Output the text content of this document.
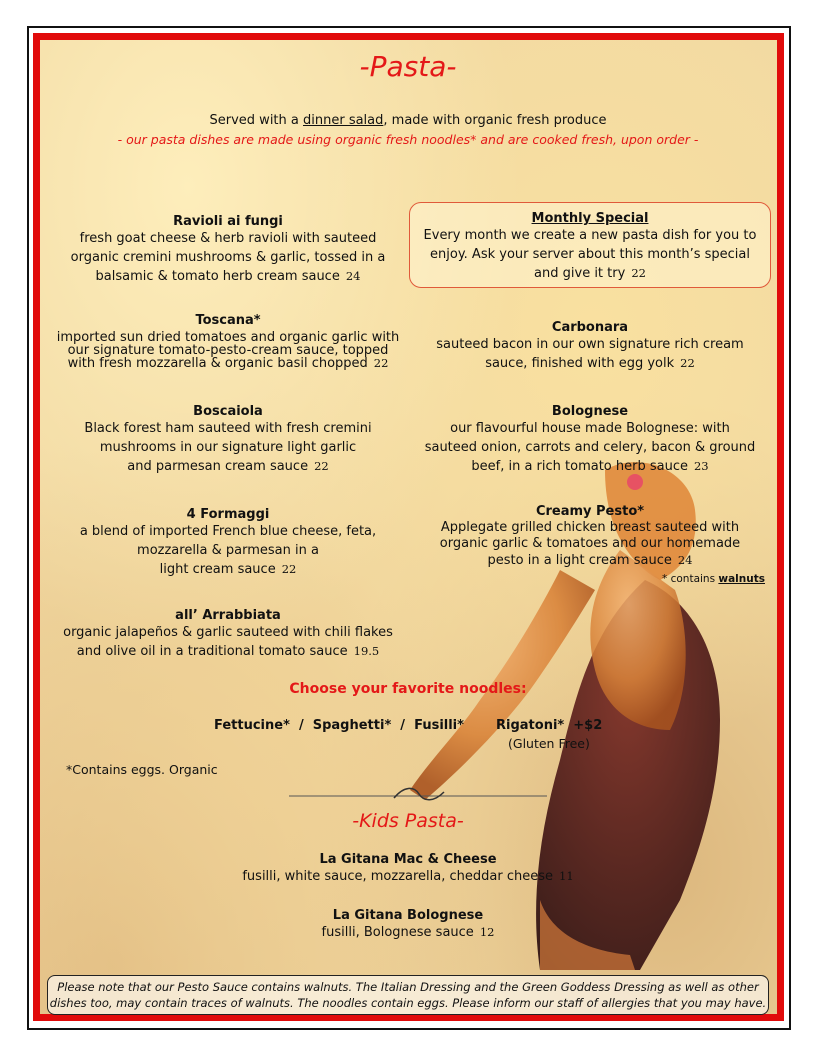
-Pasta-
Served with a dinner salad, made with organic fresh produce
- our pasta dishes are made using organic fresh noodles* and are cooked fresh, upon order -
Ravioli ai fungi
fresh goat cheese & herb ravioli with sauteed
organic cremini mushrooms & garlic, tossed in a
balsamic & tomato herb cream sauce 24
Monthly Special
Every month we create a new pasta dish for you to
enjoy. Ask your server about this month’s special
and give it try 22
Toscana*
imported sun dried tomatoes and organic garlic with
our signature tomato-pesto-cream sauce, topped
with fresh mozzarella & organic basil chopped 22
Carbonara
sauteed bacon in our own signature rich cream
sauce, finished with egg yolk 22
Boscaiola
Black forest ham sauteed with fresh cremini
mushrooms in our signature light garlic
and parmesan cream sauce 22
Bolognese
our flavourful house made Bolognese: with
sauteed onion, carrots and celery, bacon & ground
beef, in a rich tomato herb sauce 23
4 Formaggi
a blend of imported French blue cheese, feta,
mozzarella & parmesan in a
light cream sauce 22
Creamy Pesto*
Applegate grilled chicken breast sauteed with
organic garlic & tomatoes and our homemade
pesto in a light cream sauce 24
* contains walnuts
all’ Arrabbiata
organic jalapeños & garlic sauteed with chili flakes
and olive oil in a traditional tomato sauce 19.5
Choose your favorite noodles:
Fettucine*  /  Spaghetti*  /  Fusilli* Rigatoni*  +$2
(Gluten Free)
*Contains eggs. Organic
-Kids Pasta-
La Gitana Mac & Cheese
fusilli, white sauce, mozzarella, cheddar cheese 11
La Gitana Bolognese
fusilli, Bolognese sauce 12
Please note that our Pesto Sauce contains walnuts. The Italian Dressing and the Green Goddess Dressing as well as other
dishes too, may contain traces of walnuts. The noodles contain eggs. Please inform our staff of allergies that you may have.
